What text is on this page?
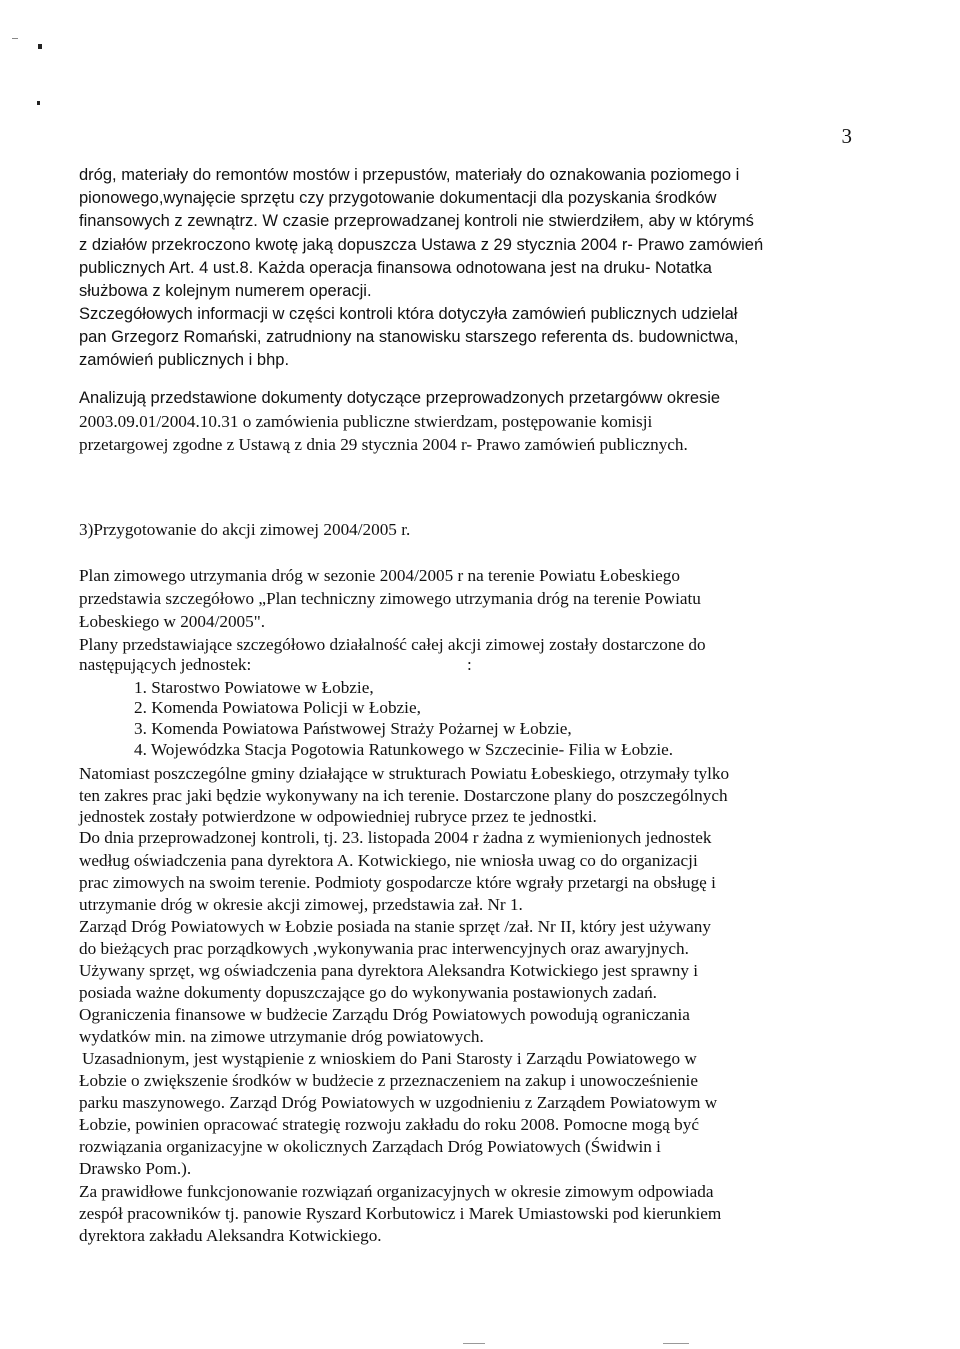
3
dróg, materiały do remontów mostów i przepustów, materiały do oznakowania poziomego i
pionowego,wynajęcie sprzętu czy przygotowanie dokumentacji dla pozyskania środków
finansowych z zewnątrz. W czasie przeprowadzanej kontroli nie stwierdziłem, aby w którymś
z działów przekroczono kwotę jaką dopuszcza Ustawa z 29 stycznia 2004 r- Prawo zamówień
publicznych Art. 4 ust.8. Każda operacja finansowa odnotowana jest na druku- Notatka
służbowa z kolejnym numerem operacji.
Szczegółowych informacji w części kontroli która dotyczyła zamówień publicznych udzielał
pan Grzegorz Romański, zatrudniony na stanowisku starszego referenta ds. budownictwa,
zamówień publicznych i bhp.
Analizują przedstawione dokumenty dotyczące przeprowadzonych przetargóww okresie
2003.09.01/2004.10.31 o zamówienia publiczne stwierdzam, postępowanie komisji
przetargowej zgodne z Ustawą z dnia 29 stycznia 2004 r- Prawo zamówień publicznych.
3)Przygotowanie do akcji zimowej 2004/2005 r.
Plan zimowego utrzymania dróg w sezonie 2004/2005 r na terenie Powiatu Łobeskiego
przedstawia szczegółowo „Plan techniczny zimowego utrzymania dróg na terenie Powiatu
Łobeskiego w 2004/2005".
Plany przedstawiające szczegółowo działalność całej akcji zimowej zostały dostarczone do
następujących jednostek:	:
1. Starostwo Powiatowe w Łobzie,
2. Komenda Powiatowa Policji w Łobzie,
3. Komenda Powiatowa Państwowej Straży Pożarnej w Łobzie,
4. Wojewódzka Stacja Pogotowia Ratunkowego w Szczecinie- Filia w Łobzie.
Natomiast poszczególne gminy działające w strukturach Powiatu Łobeskiego, otrzymały tylko
ten zakres prac jaki będzie wykonywany na ich terenie. Dostarczone plany do poszczególnych
jednostek zostały potwierdzone w odpowiedniej rubryce przez te jednostki.
Do dnia przeprowadzonej kontroli, tj. 23. listopada 2004 r żadna z wymienionych jednostek
według oświadczenia pana dyrektora A. Kotwickiego, nie wniosła uwag co do organizacji
prac zimowych na swoim terenie. Podmioty gospodarcze które wgrały przetargi na obsługę i
utrzymanie dróg w okresie akcji zimowej, przedstawia zał. Nr 1.
Zarząd Dróg Powiatowych w Łobzie posiada na stanie sprzęt /zał. Nr II, który jest używany
do bieżących prac porządkowych ,wykonywania prac interwencyjnych oraz awaryjnych.
Używany sprzęt, wg oświadczenia pana dyrektora Aleksandra Kotwickiego jest sprawny i
posiada ważne dokumenty dopuszczające go do wykonywania postawionych zadań.
Ograniczenia finansowe w budżecie Zarządu Dróg Powiatowych powodują ograniczania
wydatków min. na zimowe utrzymanie dróg powiatowych.
Uzasadnionym, jest wystąpienie z wnioskiem do Pani Starosty i Zarządu Powiatowego w
Łobzie o zwiększenie środków w budżecie z przeznaczeniem na zakup i unowocześnienie
parku maszynowego. Zarząd Dróg Powiatowych w uzgodnieniu z Zarządem Powiatowym w
Łobzie, powinien opracować strategię rozwoju zakładu do roku 2008. Pomocne mogą być
rozwiązania organizacyjne w okolicznych Zarządach Dróg Powiatowych (Świdwin i
Drawsko Pom.).
Za prawidłowe funkcjonowanie rozwiązań organizacyjnych w okresie zimowym odpowiada
zespół pracowników tj. panowie Ryszard Korbutowicz i Marek Umiastowski pod kierunkiem
dyrektora zakładu Aleksandra Kotwickiego.
